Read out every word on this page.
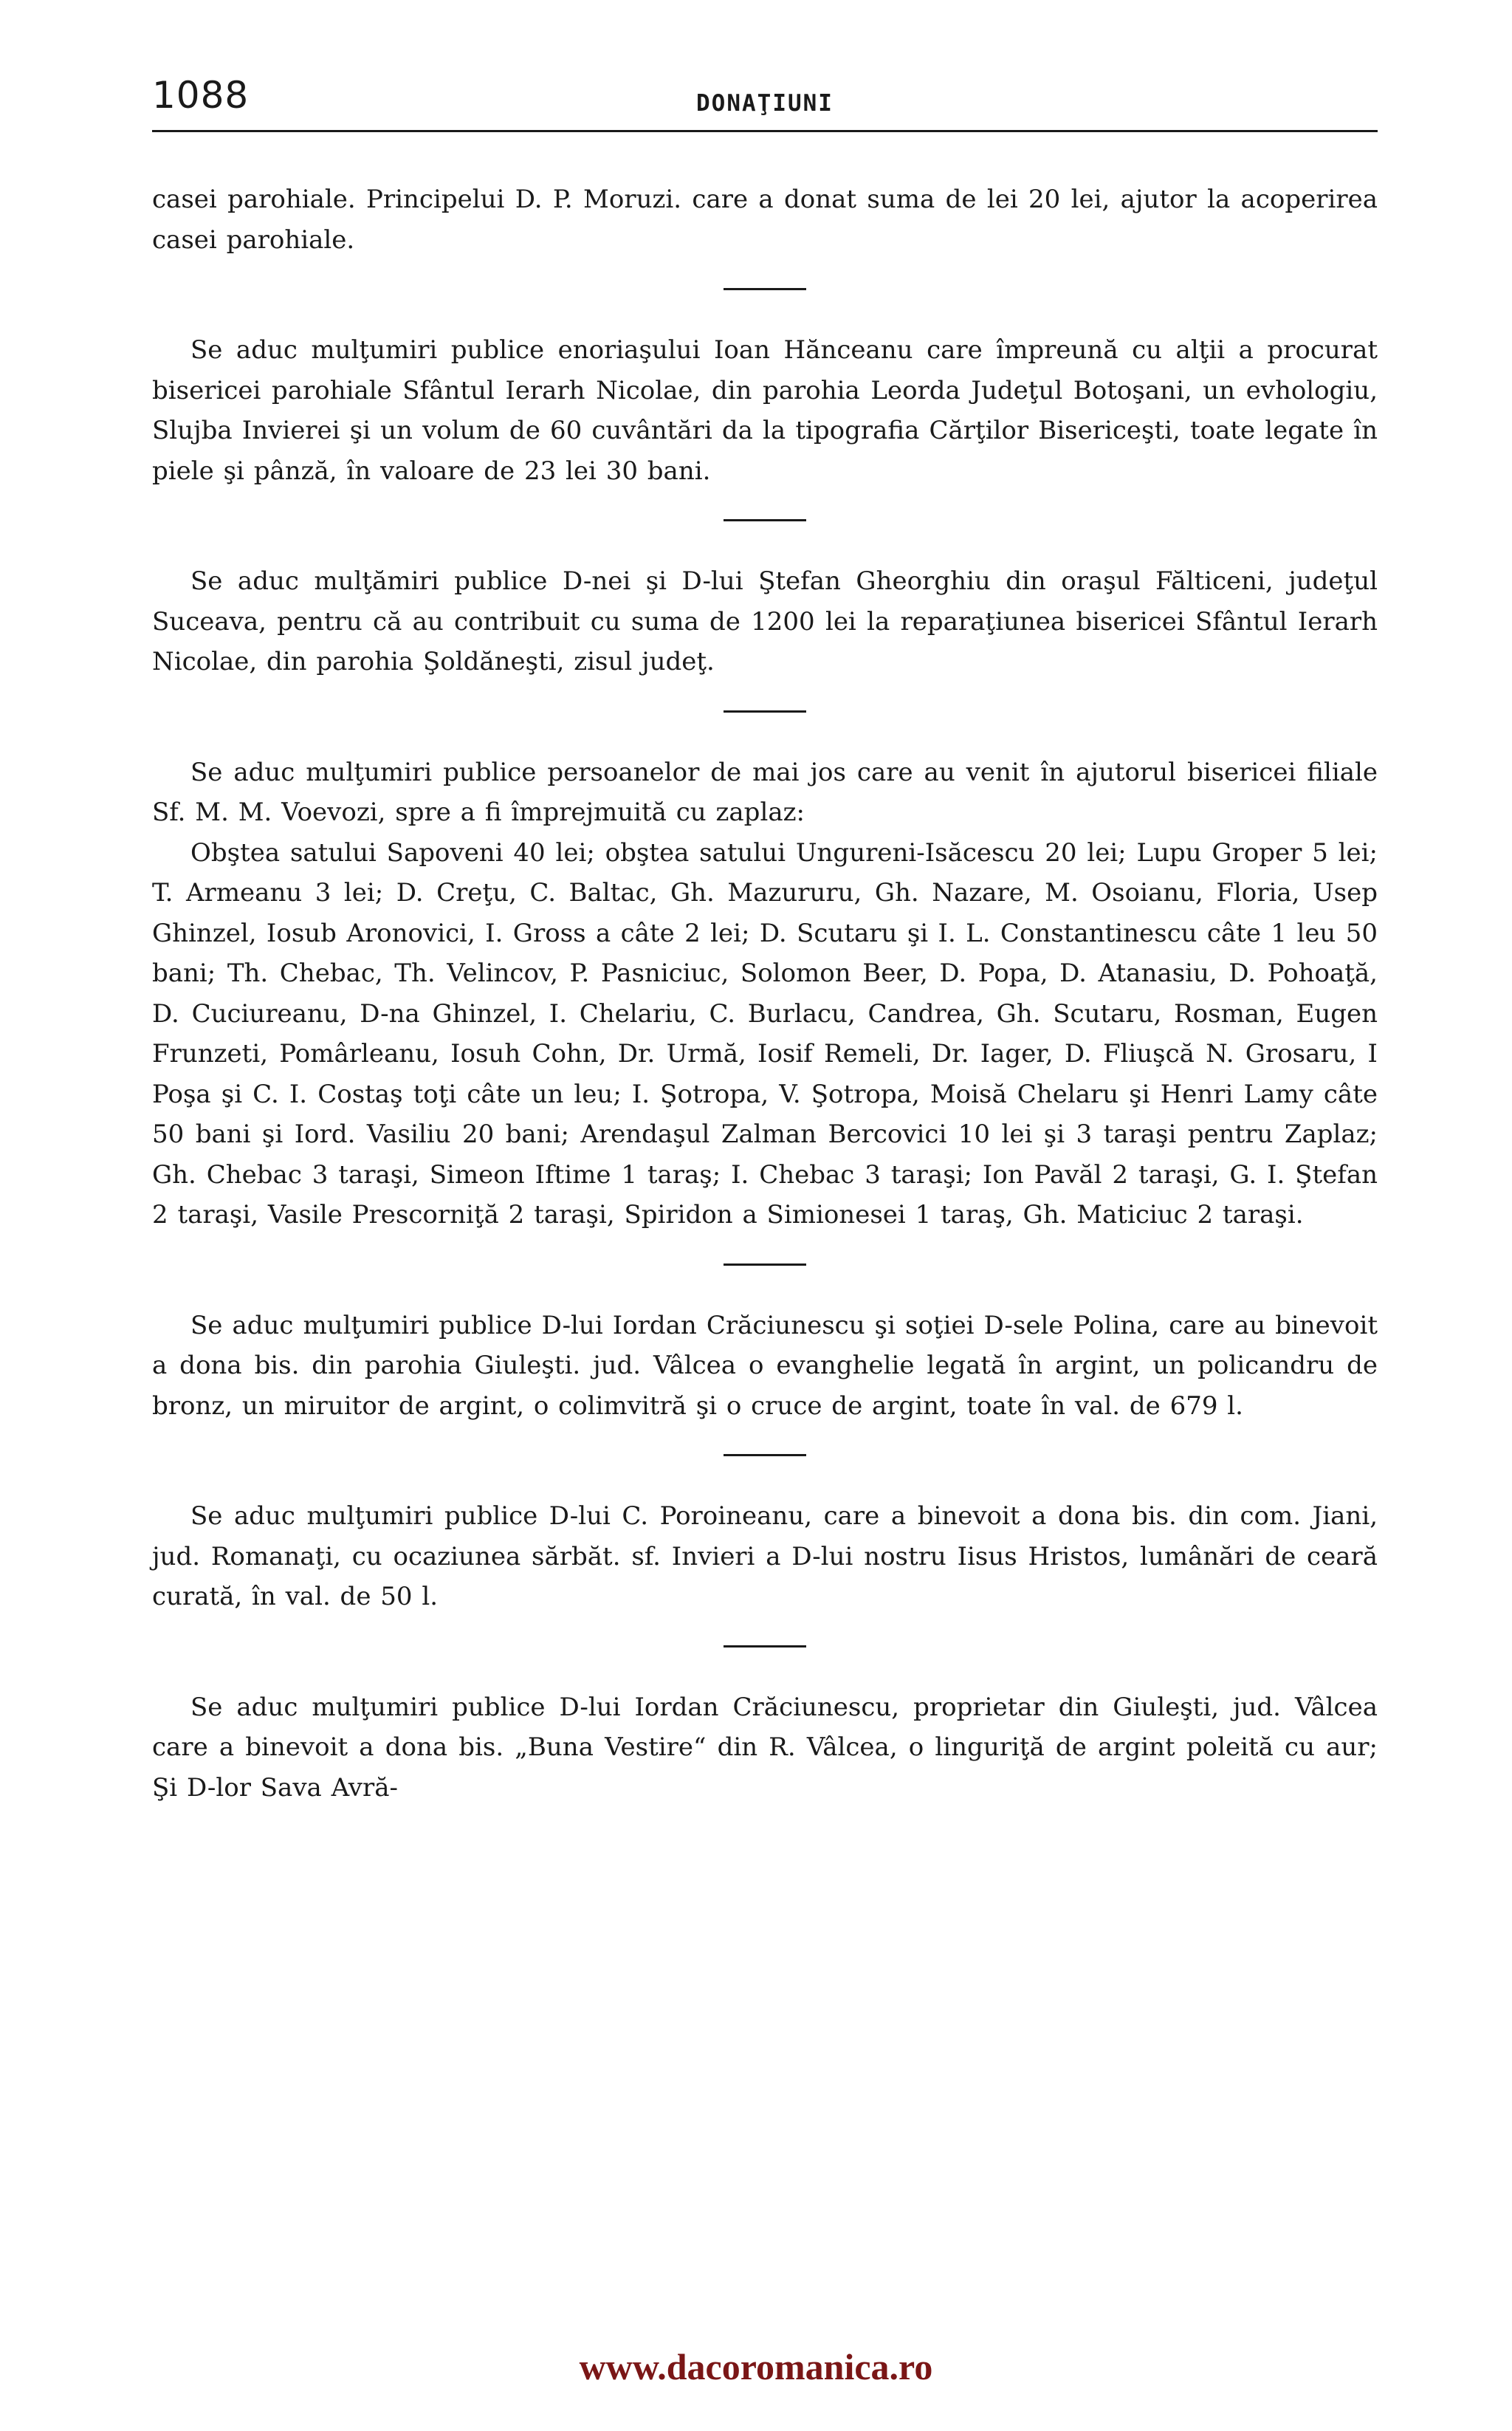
1088	DONAŢIUNI

casei parohiale. Principelui D. P. Moruzi. care a donat suma de lei 20 lei, ajutor la acoperirea casei parohiale.

Se aduc mulţumiri publice enoriaşului Ioan Hănceanu care împreună cu alţii a procurat bisericei parohiale Sfântul Ierarh Nicolae, din parohia Leorda Judeţul Botoşani, un evhologiu, Slujba Invierei şi un volum de 60 cuvântări da la tipografia Cărţilor Bisericeşti, toate legate în piele şi pânză, în valoare de 23 lei 30 bani.

Se aduc mulţămiri publice D-nei şi D-lui Ştefan Gheorghiu din oraşul Fălticeni, judeţul Suceava, pentru că au contribuit cu suma de 1200 lei la reparaţiunea bisericei Sfântul Ierarh Nicolae, din parohia Şoldăneşti, zisul judeţ.

Se aduc mulţumiri publice persoanelor de mai jos care au venit în ajutorul bisericei filiale Sf. M. M. Voevozi, spre a fi împrejmuită cu zaplaz:

Obştea satului Sapoveni 40 lei; obştea satului Ungureni-Isăcescu 20 lei; Lupu Groper 5 lei; T. Armeanu 3 lei; D. Creţu, C. Baltac, Gh. Mazururu, Gh. Nazare, M. Osoianu, Floria, Usep Ghinzel, Iosub Aronovici, I. Gross a câte 2 lei; D. Scutaru şi I. L. Constantinescu câte 1 leu 50 bani; Th. Chebac, Th. Velincov, P. Pasniciuc, Solomon Beer, D. Popa, D. Atanasiu, D. Pohoaţă, D. Cuciureanu, D-na Ghinzel, I. Chelariu, C. Burlacu, Candrea, Gh. Scutaru, Rosman, Eugen Frunzeti, Pomârleanu, Iosuh Cohn, Dr. Urmă, Iosif Remeli, Dr. Iager, D. Fliuşcă N. Grosaru, I Poşa şi C. I. Costaş toţi câte un leu; I. Şotropa, V. Şotropa, Moisă Chelaru şi Henri Lamy câte 50 bani şi Iord. Vasiliu 20 bani; Arendaşul Zalman Bercovici 10 lei şi 3 taraşi pentru Zaplaz; Gh. Chebac 3 taraşi, Simeon Iftime 1 taraş; I. Chebac 3 taraşi; Ion Pavăl 2 taraşi, G. I. Ştefan 2 taraşi, Vasile Prescorniţă 2 taraşi, Spiridon a Simionesei 1 taraş, Gh. Maticiuc 2 taraşi.

Se aduc mulţumiri publice D-lui Iordan Crăciunescu şi soţiei D-sele Polina, care au binevoit a dona bis. din parohia Giuleşti. jud. Vâlcea o evanghelie legată în argint, un policandru de bronz, un miruitor de argint, o colimvitră şi o cruce de argint, toate în val. de 679 l.

Se aduc mulţumiri publice D-lui C. Poroineanu, care a binevoit a dona bis. din com. Jiani, jud. Romanaţi, cu ocaziunea sărbăt. sf. Invieri a D-lui nostru Iisus Hristos, lumânări de ceară curată, în val. de 50 l.

Se aduc mulţumiri publice D-lui Iordan Crăciunescu, proprietar din Giuleşti, jud. Vâlcea care a binevoit a dona bis. „Buna Vestire“ din R. Vâlcea, o linguriţă de argint poleită cu aur; Şi D-lor Sava Avră-

www.dacoromanica.ro
